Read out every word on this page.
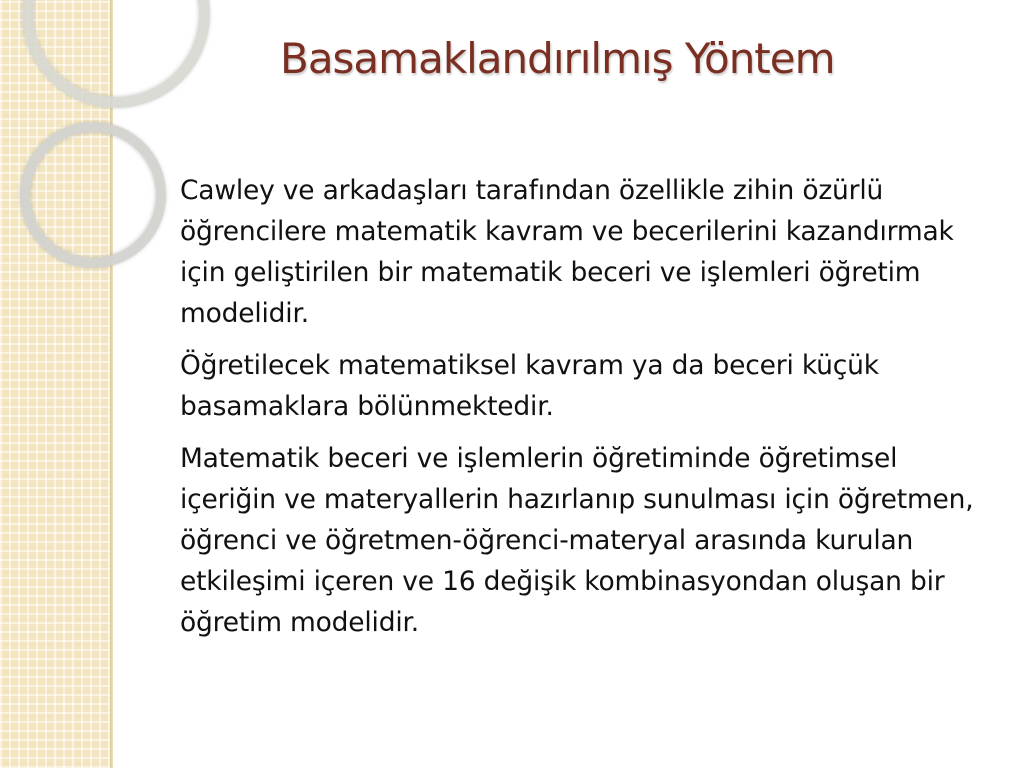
Basamaklandırılmış Yöntem

Cawley ve arkadaşları tarafından özellikle zihin özürlü öğrencilere matematik kavram ve becerilerini kazandırmak için geliştirilen bir matematik beceri ve işlemleri öğretim modelidir.

Öğretilecek matematiksel kavram ya da beceri küçük basamaklara bölünmektedir.

Matematik beceri ve işlemlerin öğretiminde öğretimsel içeriğin ve materyallerin hazırlanıp sunulması için öğretmen, öğrenci ve öğretmen-öğrenci-materyal arasında kurulan etkileşimi içeren ve 16 değişik kombinasyondan oluşan bir öğretim modelidir.
